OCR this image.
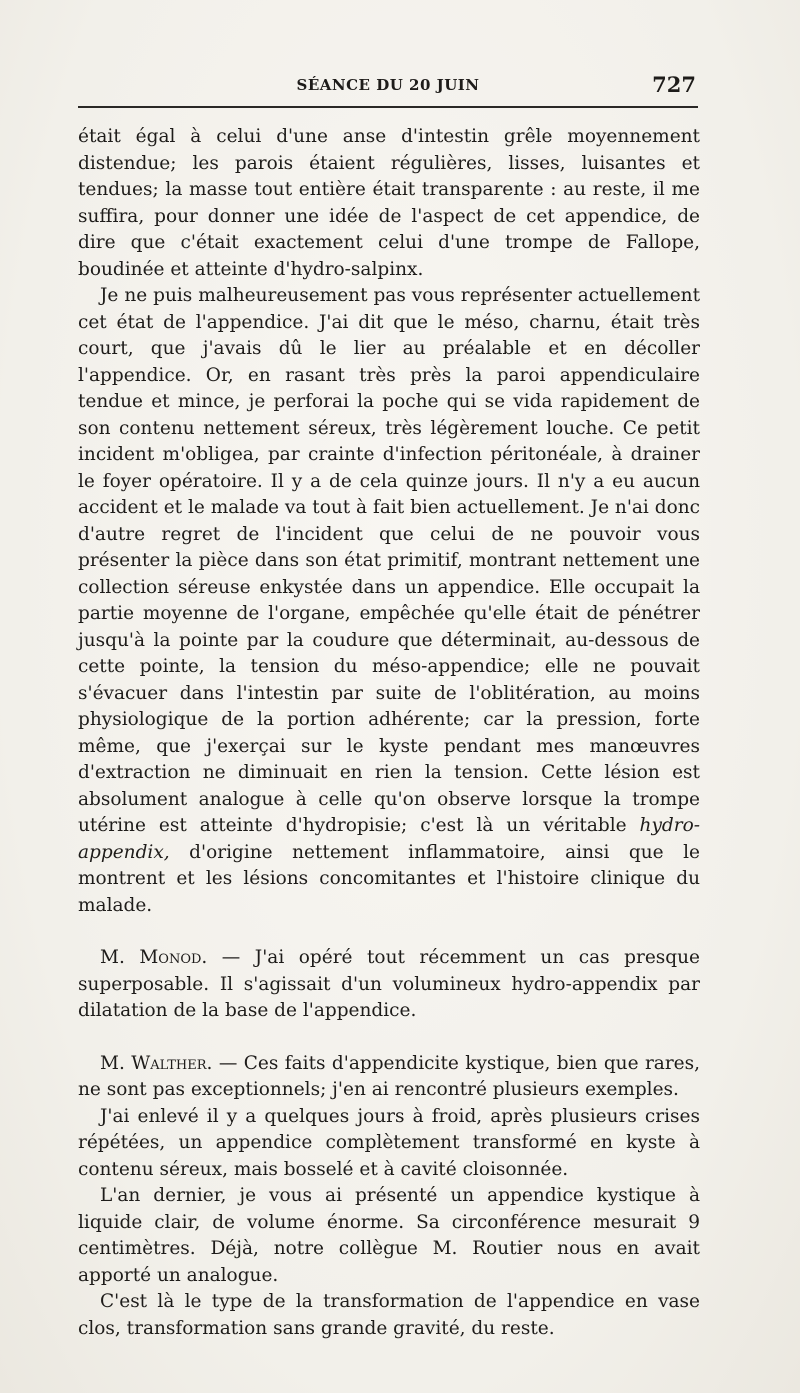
SÉANCE DU 20 JUIN	727

était égal à celui d'une anse d'intestin grêle moyennement distendue; les parois étaient régulières, lisses, luisantes et tendues; la masse tout entière était transparente : au reste, il me suffira, pour donner une idée de l'aspect de cet appendice, de dire que c'était exactement celui d'une trompe de Fallope, boudinée et atteinte d'hydro-salpinx.

Je ne puis malheureusement pas vous représenter actuellement cet état de l'appendice. J'ai dit que le méso, charnu, était très court, que j'avais dû le lier au préalable et en décoller l'appendice. Or, en rasant très près la paroi appendiculaire tendue et mince, je perforai la poche qui se vida rapidement de son contenu nettement séreux, très légèrement louche. Ce petit incident m'obligea, par crainte d'infection péritonéale, à drainer le foyer opératoire. Il y a de cela quinze jours. Il n'y a eu aucun accident et le malade va tout à fait bien actuellement. Je n'ai donc d'autre regret de l'incident que celui de ne pouvoir vous présenter la pièce dans son état primitif, montrant nettement une collection séreuse enkystée dans un appendice. Elle occupait la partie moyenne de l'organe, empêchée qu'elle était de pénétrer jusqu'à la pointe par la coudure que déterminait, au-dessous de cette pointe, la tension du méso-appendice; elle ne pouvait s'évacuer dans l'intestin par suite de l'oblitération, au moins physiologique de la portion adhérente; car la pression, forte même, que j'exerçai sur le kyste pendant mes manœuvres d'extraction ne diminuait en rien la tension. Cette lésion est absolument analogue à celle qu'on observe lorsque la trompe utérine est atteinte d'hydropisie; c'est là un véritable hydro-appendix, d'origine nettement inflammatoire, ainsi que le montrent et les lésions concomitantes et l'histoire clinique du malade.

M. Monod. — J'ai opéré tout récemment un cas presque superposable. Il s'agissait d'un volumineux hydro-appendix par dilatation de la base de l'appendice.

M. Walther. — Ces faits d'appendicite kystique, bien que rares, ne sont pas exceptionnels; j'en ai rencontré plusieurs exemples.

J'ai enlevé il y a quelques jours à froid, après plusieurs crises répétées, un appendice complètement transformé en kyste à contenu séreux, mais bosselé et à cavité cloisonnée.

L'an dernier, je vous ai présenté un appendice kystique à liquide clair, de volume énorme. Sa circonférence mesurait 9 centimètres. Déjà, notre collègue M. Routier nous en avait apporté un analogue.

C'est là le type de la transformation de l'appendice en vase clos, transformation sans grande gravité, du reste.
